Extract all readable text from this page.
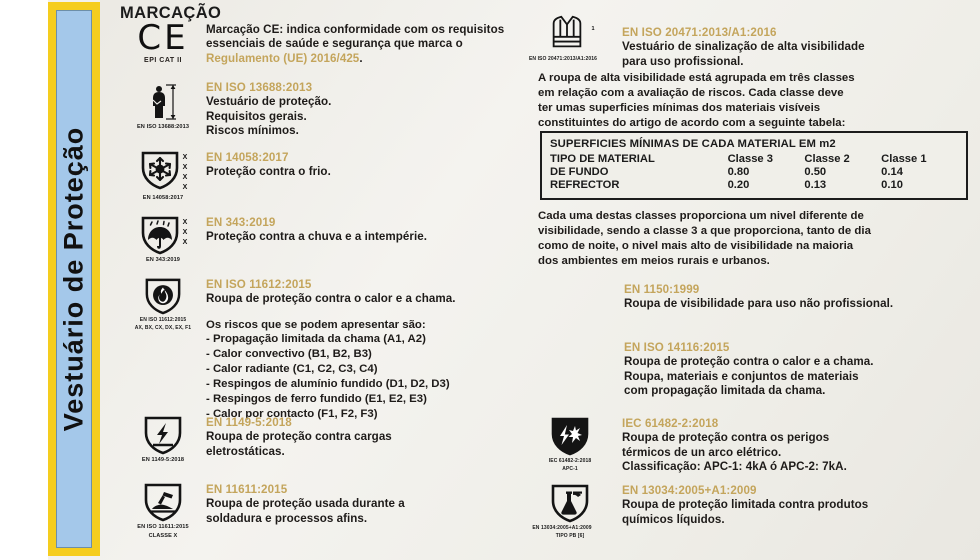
Vestuário de Proteção
MARCAÇÃO
CE
EPI CAT II
Marcação CE: indica conformidade com os requisitos essenciais de saúde e segurança que marca o Regulamento (UE) 2016/425.
EN ISO 13688:2013
EN ISO 13688:2013
Vestuário de proteção.
Requisitos gerais.
Riscos mínimos.
X
X
X
X
EN 14058:2017
EN 14058:2017
Proteção contra o frio.
X
X
X
EN 343:2019
EN 343:2019
Proteção contra a chuva e a intempérie.
EN ISO 11612:2015
AX, BX, CX, DX, EX, F1
EN ISO 11612:2015
Roupa de proteção contra o calor e a chama.
Os riscos que se podem apresentar são:
- Propagação limitada da chama (A1, A2)
- Calor convectivo (B1, B2, B3)
- Calor radiante (C1, C2, C3, C4)
- Respingos de alumínio fundido (D1, D2, D3)
- Respingos de ferro fundido (E1, E2, E3)
- Calor por contacto (F1, F2, F3)
EN 1149-5:2018
EN 1149-5:2018
Roupa de proteção contra cargas
eletrostáticas.
EN ISO 11611:2015
CLASSE X
EN 11611:2015
Roupa de proteção usada durante a
soldadura e processos afins.
1
EN ISO 20471:2013/A1:2016
EN ISO 20471:2013/A1:2016
Vestuário de sinalização de alta visibilidade
para uso profissional.
A roupa de alta visibilidade está agrupada em três classes
em relação com a avaliação de riscos. Cada classe deve
ter umas superficies mínimas dos materiais visíveis
constituintes do artigo de acordo com a seguinte tabela:
SUPERFICIES MÍNIMAS DE CADA MATERIAL EM m2
TIPO DE MATERIAL	Classe 3	Classe 2	Classe 1
DE FUNDO	0.80	0.50	0.14
REFRECTOR	0.20	0.13	0.10
Cada uma destas classes proporciona um nivel diferente de
visibilidade, sendo a classe 3 a que proporciona, tanto de dia
como de noite, o nivel mais alto de visibilidade na maioria
dos ambientes em meios rurais e urbanos.
EN 1150:1999
Roupa de visibilidade para uso não profissional.
EN ISO 14116:2015
Roupa de proteção contra o calor e a chama.
Roupa, materiais e conjuntos de materiais
com propagação limitada da chama.
IEC 61482-2:2018
APC-1
IEC 61482-2:2018
Roupa de proteção contra os perigos
térmicos de un arco elétrico.
Classificação: APC-1: 4kA ó APC-2: 7kA.
EN 13034:2005+A1:2009
TIPO PB [6]
EN 13034:2005+A1:2009
Roupa de proteção limitada contra produtos
químicos líquidos.
